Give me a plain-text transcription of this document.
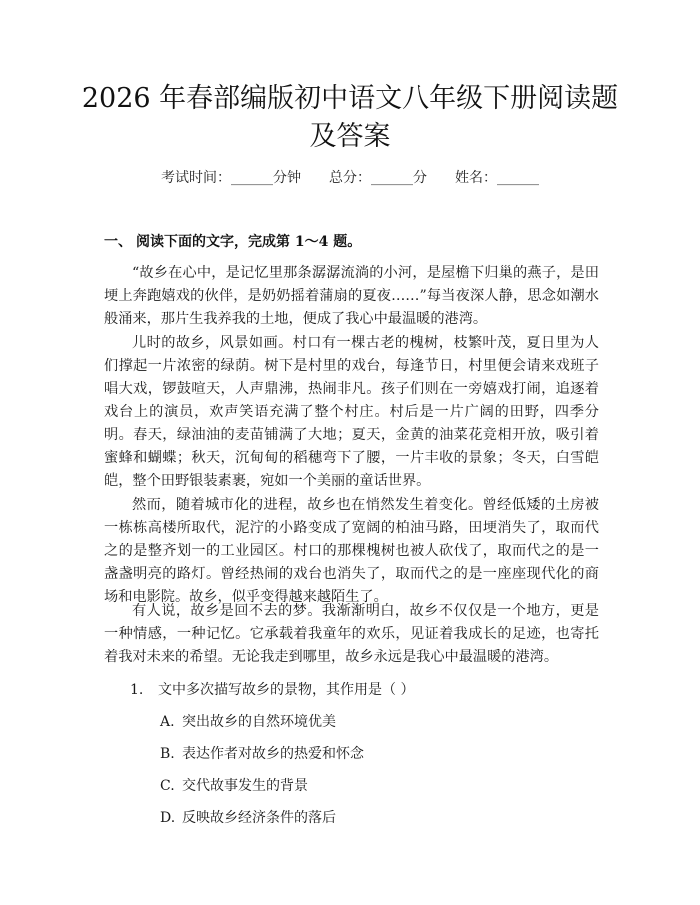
2026 年春部编版初中语文八年级下册阅读题及答案
考试时间：______分钟 总分：______分 姓名：______
一、 阅读下面的文字，完成第 1～4 题。

“故乡在心中，是记忆里那条潺潺流淌的小河，是屋檐下归巢的燕子，是田埂上奔跑嬉戏的伙伴，是奶奶摇着蒲扇的夏夜……”每当夜深人静，思念如潮水般涌来，那片生我养我的土地，便成了我心中最温暖的港湾。

儿时的故乡，风景如画。村口有一棵古老的槐树，枝繁叶茂，夏日里为人们撑起一片浓密的绿荫。树下是村里的戏台，每逢节日，村里便会请来戏班子唱大戏，锣鼓喧天，人声鼎沸，热闹非凡。孩子们则在一旁嬉戏打闹，追逐着戏台上的演员，欢声笑语充满了整个村庄。村后是一片广阔的田野，四季分明。春天，绿油油的麦苗铺满了大地；夏天，金黄的油菜花竞相开放，吸引着蜜蜂和蝴蝶；秋天，沉甸甸的稻穗弯下了腰，一片丰收的景象；冬天，白雪皑皑，整个田野银装素裹，宛如一个美丽的童话世界。

然而，随着城市化的进程，故乡也在悄然发生着变化。曾经低矮的土房被一栋栋高楼所取代，泥泞的小路变成了宽阔的柏油马路，田埂消失了，取而代之的是整齐划一的工业园区。村口的那棵槐树也被人砍伐了，取而代之的是一盏盏明亮的路灯。曾经热闹的戏台也消失了，取而代之的是一座座现代化的商场和电影院。故乡，似乎变得越来越陌生了。

有人说，故乡是回不去的梦。我渐渐明白，故乡不仅仅是一个地方，更是一种情感，一种记忆。它承载着我童年的欢乐，见证着我成长的足迹，也寄托着我对未来的希望。无论我走到哪里，故乡永远是我心中最温暖的港湾。

1. 文中多次描写故乡的景物，其作用是（ ）
A. 突出故乡的自然环境优美
B. 表达作者对故乡的热爱和怀念
C. 交代故事发生的背景
D. 反映故乡经济条件的落后
